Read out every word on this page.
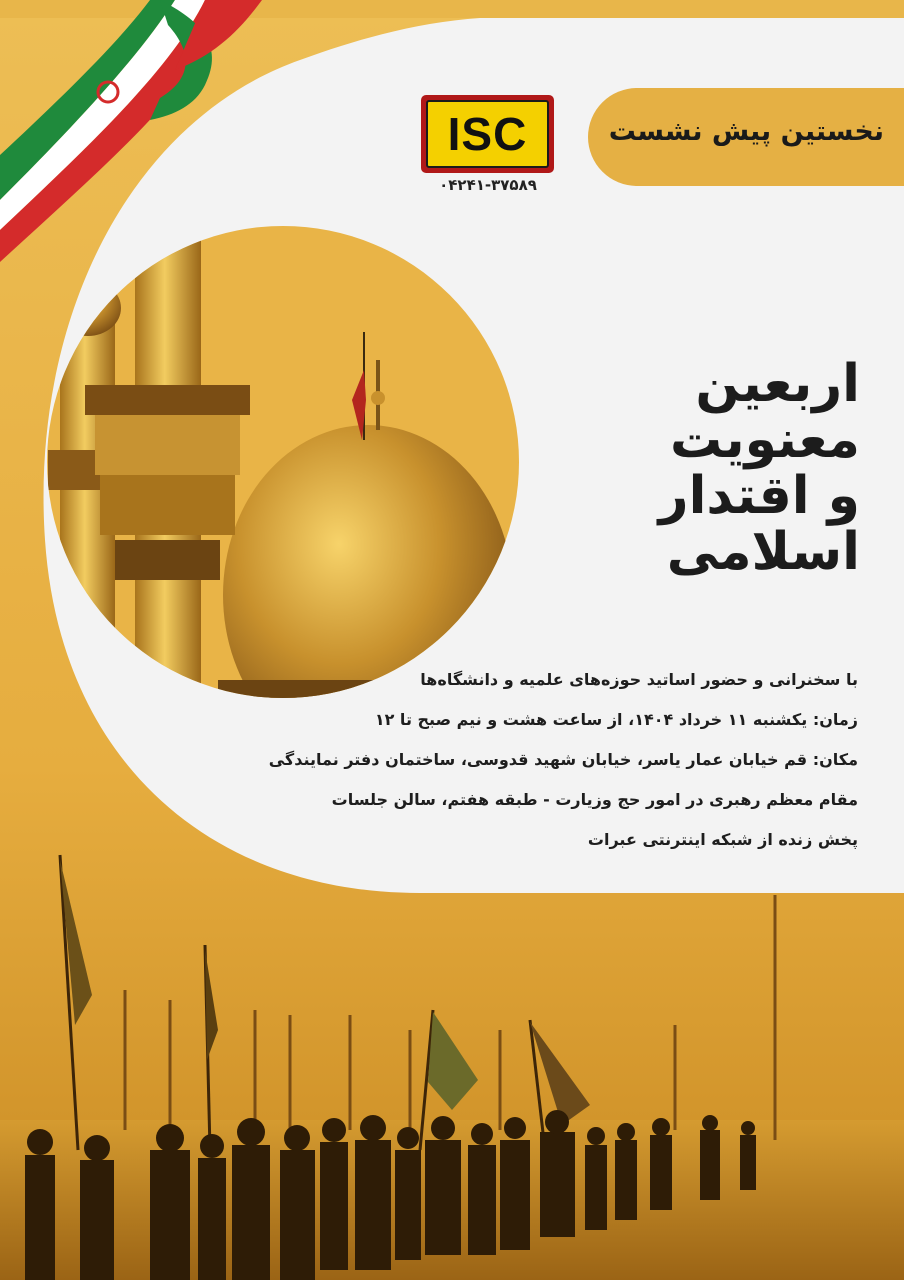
نخستین پیش نشست
ISC
۰۴۲۴۱-۳۷۵۸۹
اربعین
معنویت
و اقتدار
اسلامی
با سخنرانی و حضور اساتید حوزه‌های علمیه و دانشگاه‌ها
زمان: یکشنبه ۱۱ خرداد ۱۴۰۴، از ساعت هشت و نیم صبح تا ۱۲
مکان: قم خیابان عمار یاسر، خیابان شهید قدوسی، ساختمان دفتر نمایندگی
مقام معظم رهبری در امور حج وزیارت - طبقه هفتم، سالن جلسات
پخش زنده از شبکه اینترنتی عبرات
